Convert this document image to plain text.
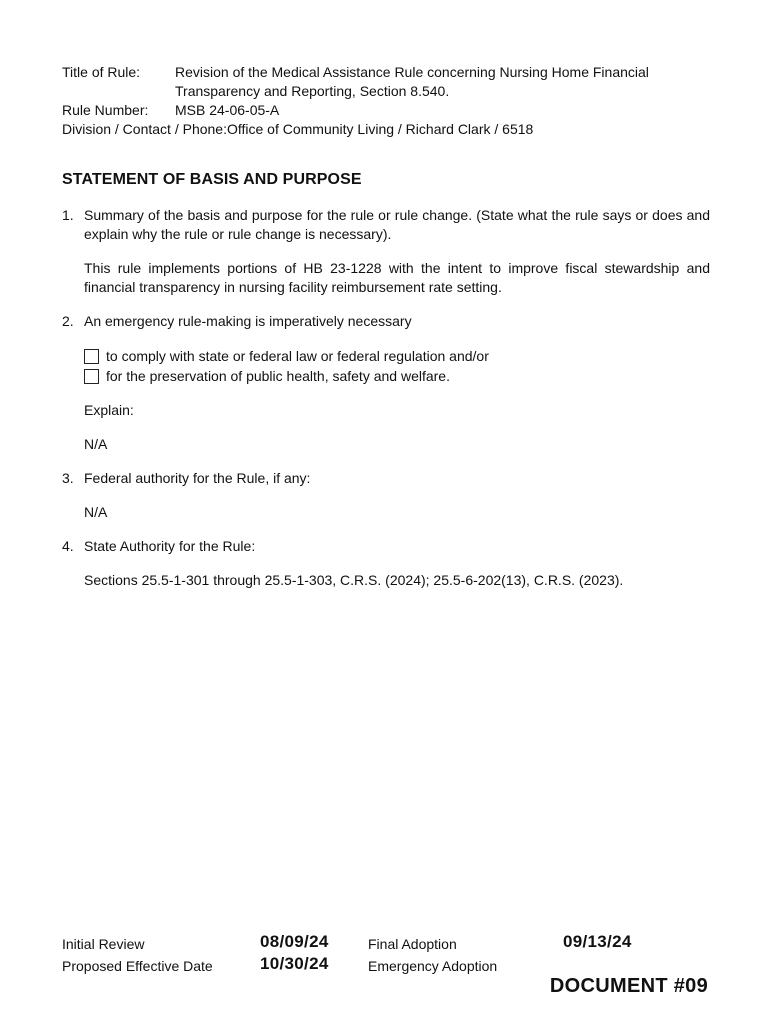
Title of Rule:	Revision of the Medical Assistance Rule concerning Nursing Home Financial
Transparency and Reporting, Section 8.540.
Rule Number:	MSB 24-06-05-A
Division / Contact / Phone:Office of Community Living / Richard Clark / 6518
STATEMENT OF BASIS AND PURPOSE
1. Summary of the basis and purpose for the rule or rule change. (State what the rule says or does and explain why the rule or rule change is necessary).

This rule implements portions of HB 23-1228 with the intent to improve fiscal stewardship and financial transparency in nursing facility reimbursement rate setting.

2. An emergency rule-making is imperatively necessary

to comply with state or federal law or federal regulation and/or
for the preservation of public health, safety and welfare.

Explain:

N/A

3. Federal authority for the Rule, if any:

N/A

4. State Authority for the Rule:

Sections 25.5-1-301 through 25.5-1-303, C.R.S. (2024); 25.5-6-202(13), C.R.S. (2023).

Initial Review	08/09/24	Final Adoption	09/13/24
Proposed Effective Date	10/30/24	Emergency Adoption
DOCUMENT #09
